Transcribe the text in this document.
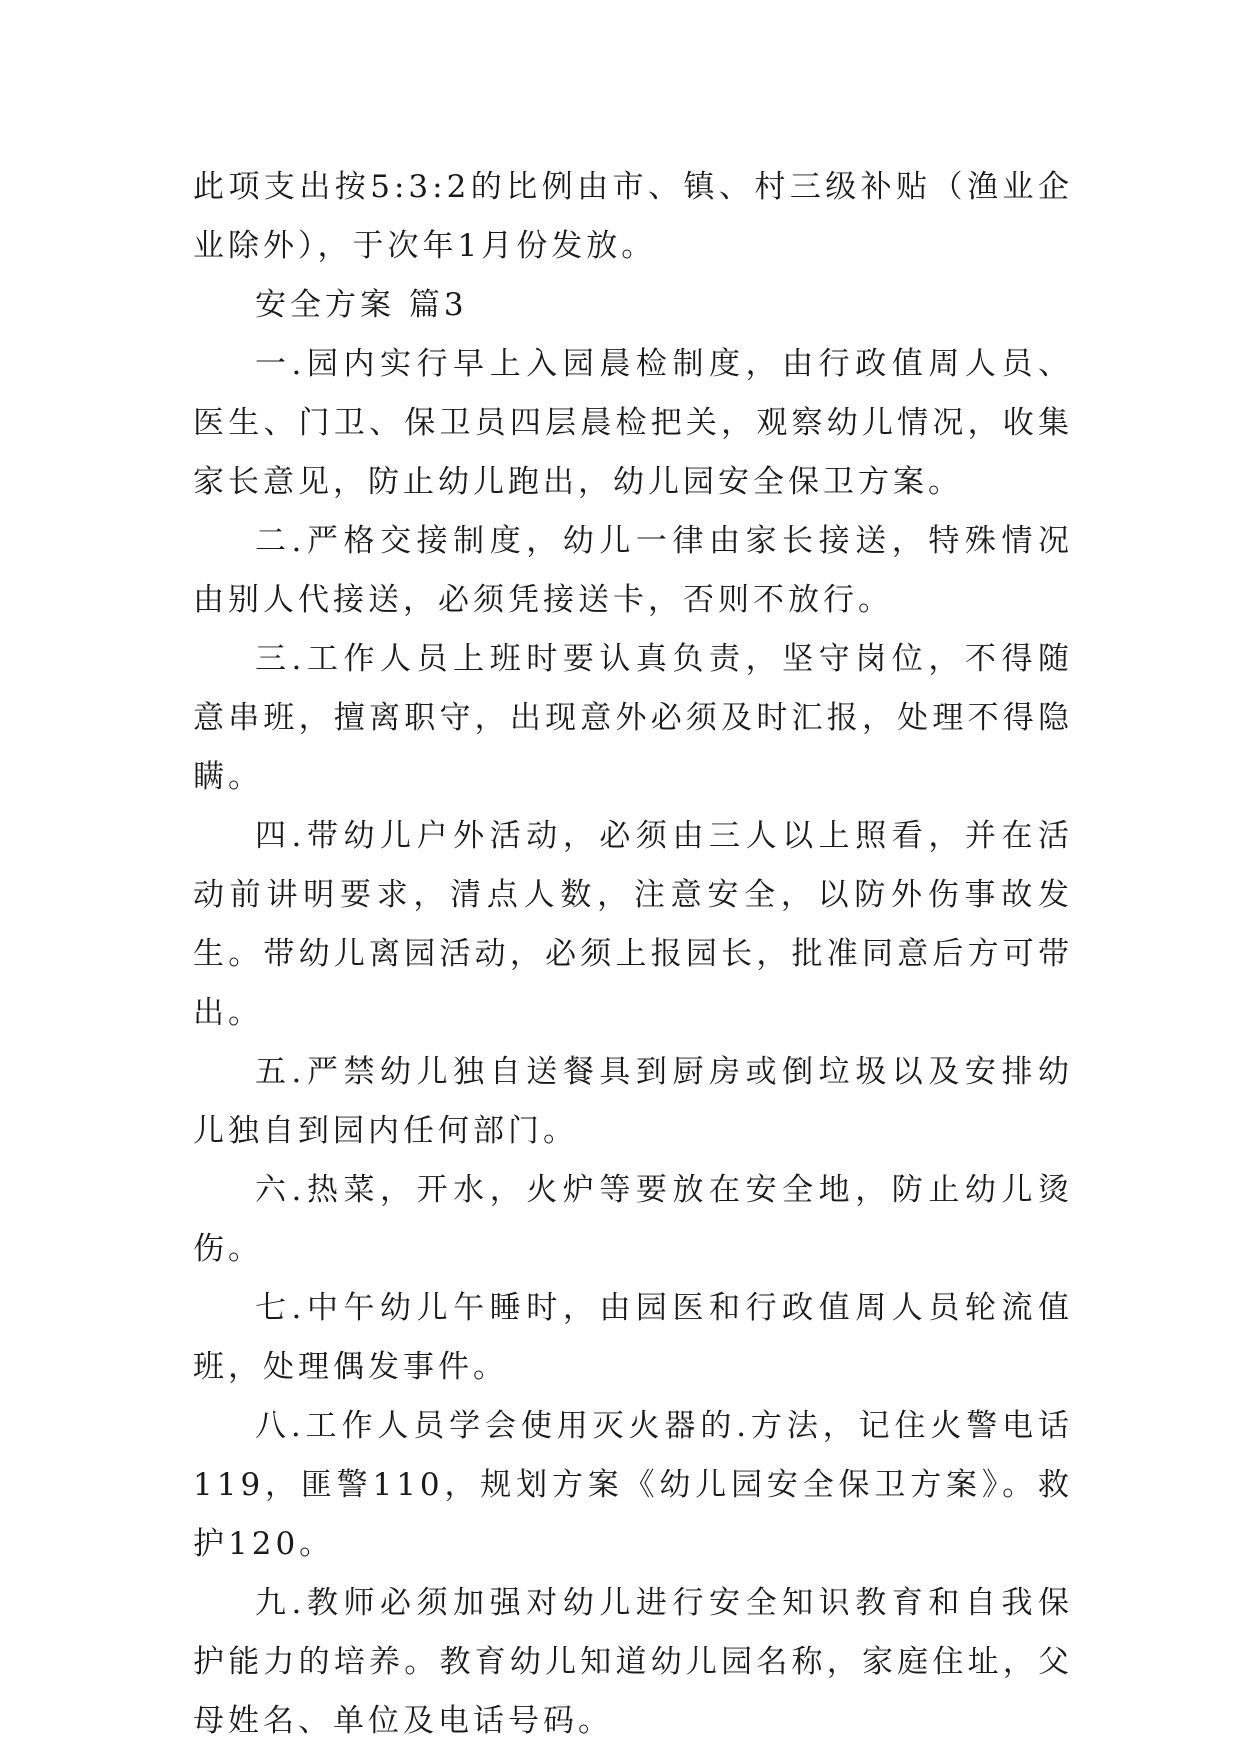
此项支出按5:3:2的比例由市、镇、村三级补贴（渔业企业除外），于次年1月份发放。

安全方案 篇3

一.园内实行早上入园晨检制度，由行政值周人员、医生、门卫、保卫员四层晨检把关，观察幼儿情况，收集家长意见，防止幼儿跑出，幼儿园安全保卫方案。

二.严格交接制度，幼儿一律由家长接送，特殊情况由别人代接送，必须凭接送卡，否则不放行。

三.工作人员上班时要认真负责，坚守岗位，不得随意串班，擅离职守，出现意外必须及时汇报，处理不得隐瞒。

四.带幼儿户外活动，必须由三人以上照看，并在活动前讲明要求，清点人数，注意安全，以防外伤事故发生。带幼儿离园活动，必须上报园长，批准同意后方可带出。

五.严禁幼儿独自送餐具到厨房或倒垃圾以及安排幼儿独自到园内任何部门。

六.热菜，开水，火炉等要放在安全地，防止幼儿烫伤。

七.中午幼儿午睡时，由园医和行政值周人员轮流值班，处理偶发事件。

八.工作人员学会使用灭火器的.方法，记住火警电话119，匪警110，规划方案《幼儿园安全保卫方案》。救护120。

九.教师必须加强对幼儿进行安全知识教育和自我保护能力的培养。教育幼儿知道幼儿园名称，家庭住址，父母姓名、单位及电话号码。
